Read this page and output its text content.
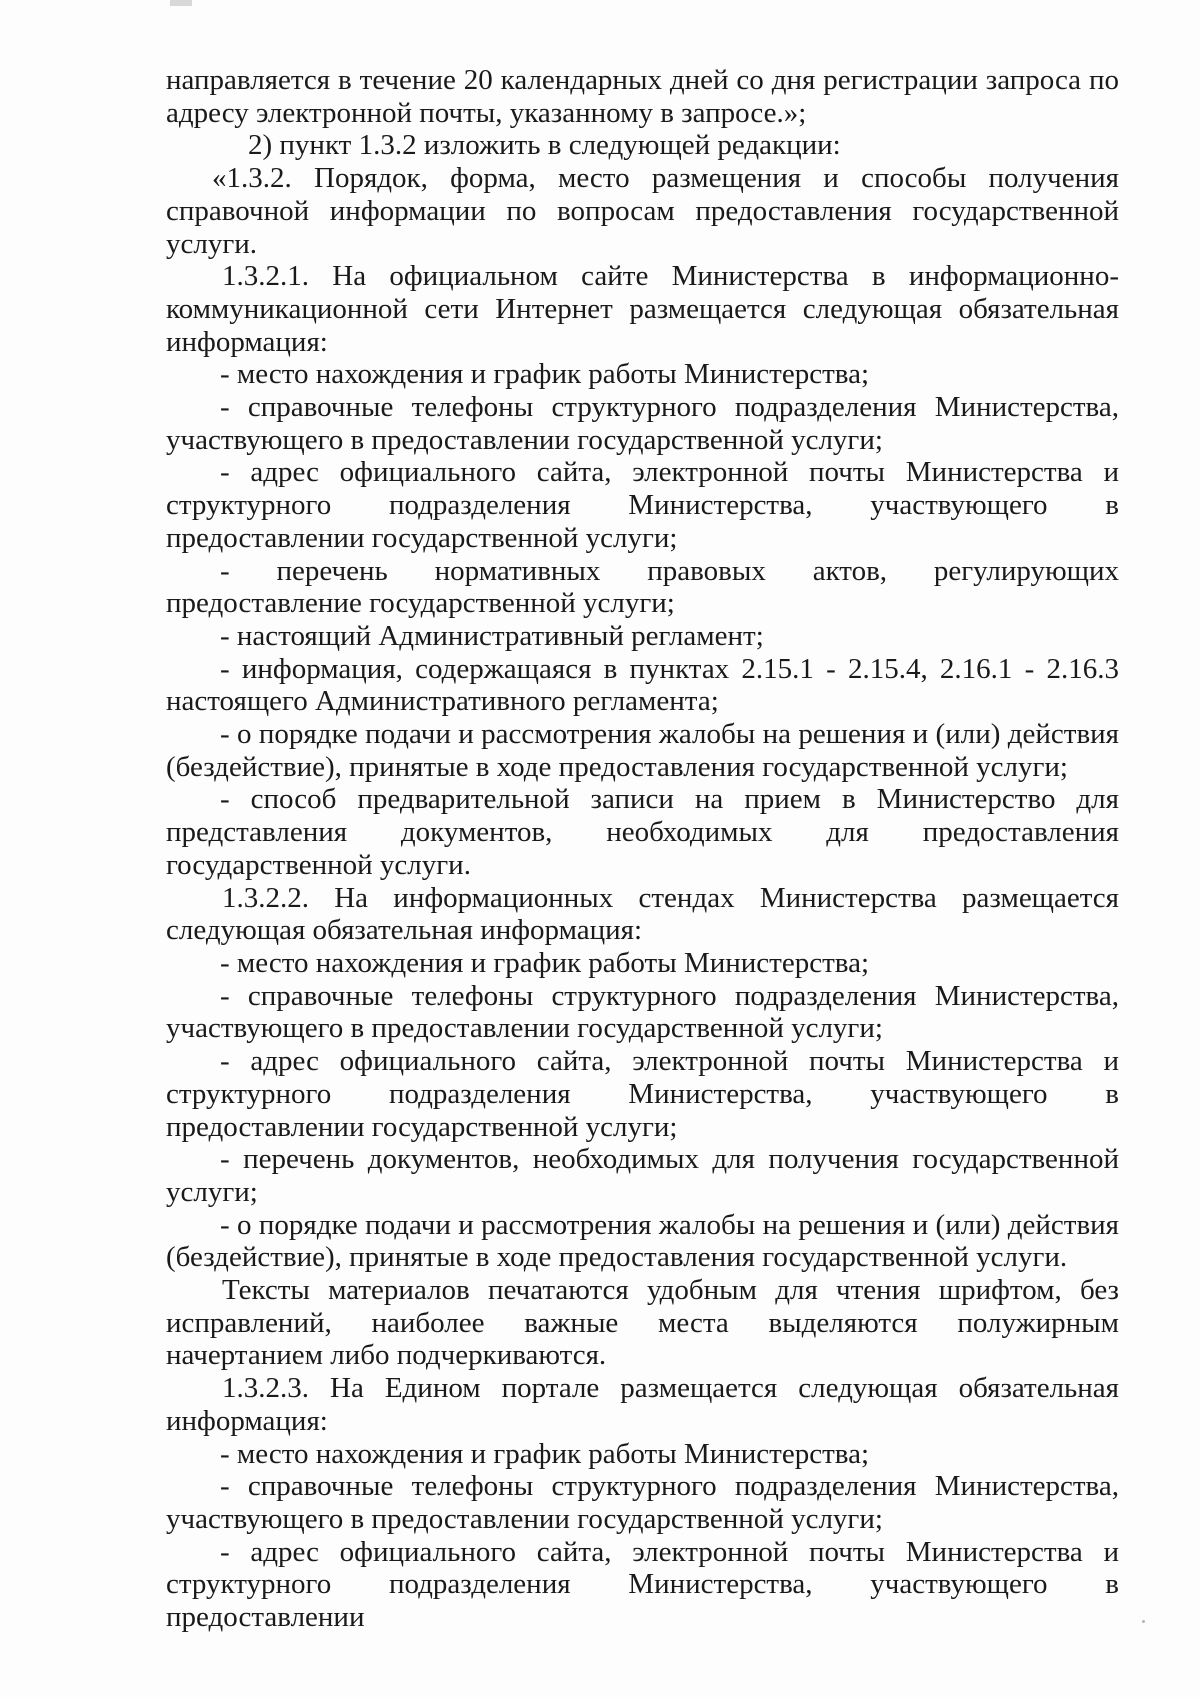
направляется в течение 20 календарных дней со дня регистрации запроса по адресу электронной почты, указанному в запросе.»;

2) пункт 1.3.2 изложить в следующей редакции:

«1.3.2. Порядок, форма, место размещения и способы получения справочной информации по вопросам предоставления государственной услуги.

1.3.2.1. На официальном сайте Министерства в информационно-коммуникационной сети Интернет размещается следующая обязательная информация:

- место нахождения и график работы Министерства;

- справочные телефоны структурного подразделения Министерства, участвующего в предоставлении государственной услуги;

- адрес официального сайта, электронной почты Министерства и структурного подразделения Министерства, участвующего в предоставлении государственной услуги;

- перечень нормативных правовых актов, регулирующих предоставление государственной услуги;

- настоящий Административный регламент;

- информация, содержащаяся в пунктах 2.15.1 - 2.15.4, 2.16.1 - 2.16.3 настоящего Административного регламента;

- о порядке подачи и рассмотрения жалобы на решения и (или) действия (бездействие), принятые в ходе предоставления государственной услуги;

- способ предварительной записи на прием в Министерство для представления документов, необходимых для предоставления государственной услуги.

1.3.2.2. На информационных стендах Министерства размещается следующая обязательная информация:

- место нахождения и график работы Министерства;

- справочные телефоны структурного подразделения Министерства, участвующего в предоставлении государственной услуги;

- адрес официального сайта, электронной почты Министерства и структурного подразделения Министерства, участвующего в предоставлении государственной услуги;

- перечень документов, необходимых для получения государственной услуги;

- о порядке подачи и рассмотрения жалобы на решения и (или) действия (бездействие), принятые в ходе предоставления государственной услуги.

Тексты материалов печатаются удобным для чтения шрифтом, без исправлений, наиболее важные места выделяются полужирным начертанием либо подчеркиваются.

1.3.2.3. На Едином портале размещается следующая обязательная информация:

- место нахождения и график работы Министерства;

- справочные телефоны структурного подразделения Министерства, участвующего в предоставлении государственной услуги;

- адрес официального сайта, электронной почты Министерства и структурного подразделения Министерства, участвующего в предоставлении
